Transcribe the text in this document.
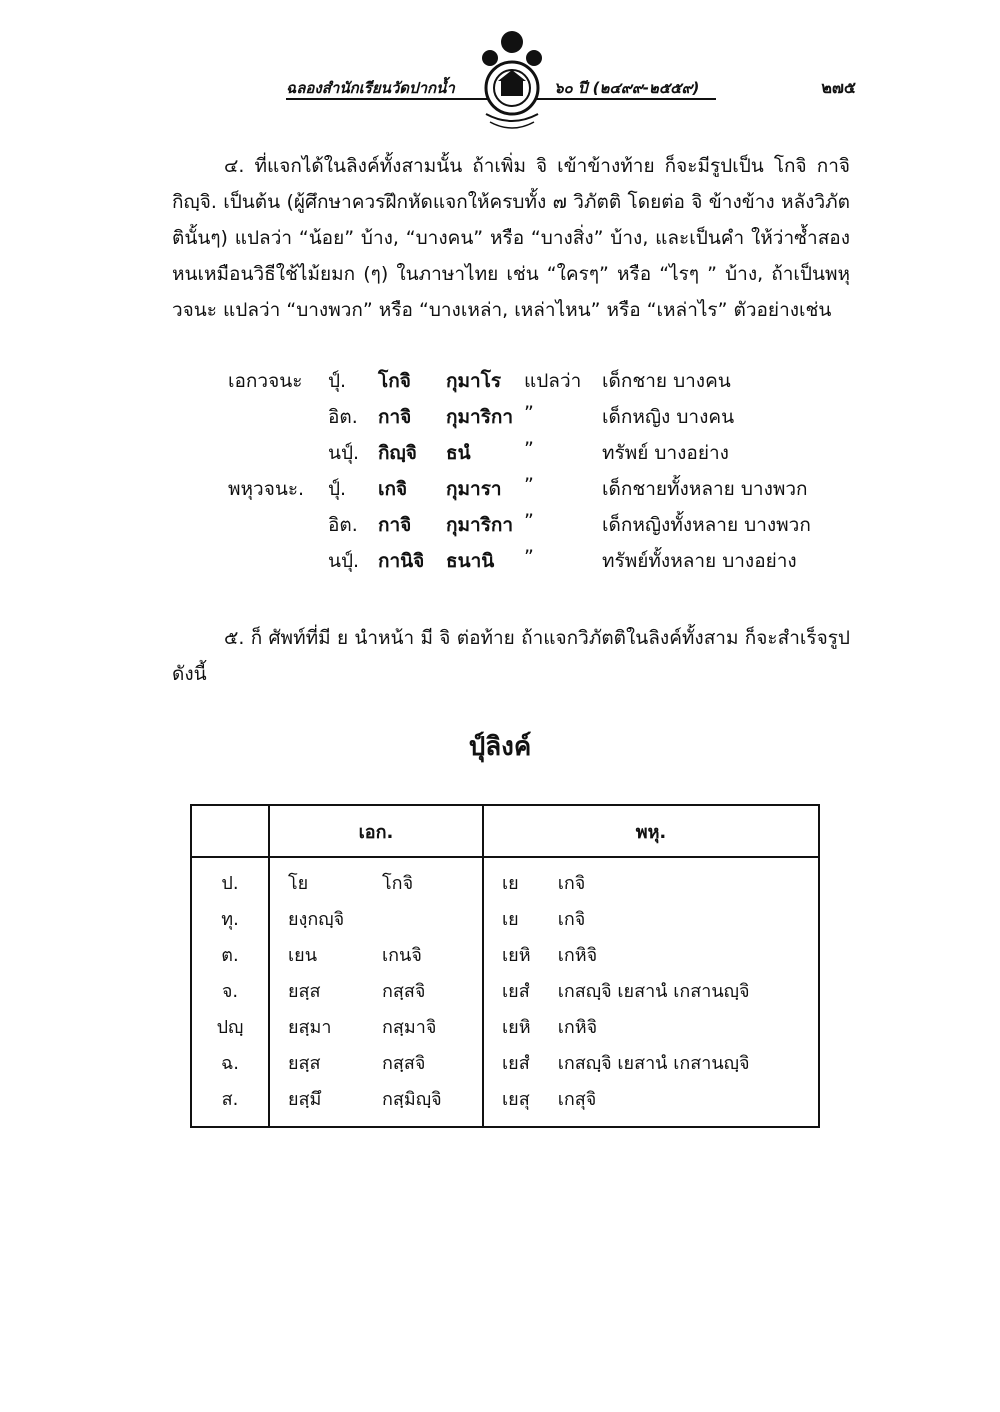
ฉลองสำนักเรียนวัดปากน้ำ	๖๐ ปี (๒๔๙๙-๒๕๕๙)	๒๗๕
๔. ที่แจกได้ในลิงค์ทั้งสามนั้น ถ้าเพิ่ม จิ เข้าข้างท้าย ก็จะมีรูปเป็น โกจิ กาจิ กิญฺจิ. เป็นต้น (ผู้ศึกษาควรฝึกหัดแจกให้ครบทั้ง ๗ วิภัตติ โดยต่อ จิ ข้างข้าง หลังวิภัตตินั้นๆ) แปลว่า “น้อย” บ้าง, “บางคน” หรือ “บางสิ่ง” บ้าง, และเป็นคำ ให้ว่าซ้ำสองหนเหมือนวิธีใช้ไม้ยมก (ๆ) ในภาษาไทย เช่น “ใครๆ” หรือ “ไรๆ ” บ้าง, ถ้าเป็นพหุวจนะ แปลว่า “บางพวก” หรือ “บางเหล่า, เหล่าไหน” หรือ “เหล่าไร” ตัวอย่างเช่น
เอกวจนะ ปุ์. โกจิ กุมาโร แปลว่า เด็กชาย บางคน
อิต. กาจิ กุมาริกา ”	เด็กหญิง บางคน
นปุ์. กิญฺจิ ธนํ	”	ทรัพย์ บางอย่าง
พหุวจนะ. ปุ์. เกจิ กุมารา ”	เด็กชายทั้งหลาย บางพวก
อิต. กาจิ กุมาริกา ”	เด็กหญิงทั้งหลาย บางพวก
นปุ์. กานิจิ ธนานิ ”	ทรัพย์ทั้งหลาย บางอย่าง
๕. ก็ ศัพท์ที่มี ย นำหน้า มี จิ ต่อท้าย ถ้าแจกวิภัตติในลิงค์ทั้งสาม ก็จะสำเร็จรูปดังนี้
ปุ์ลิงค์
	เอก.		พหุ.
ป.	โย	โกจิ	เย เกจิ
ทุ.	ยงฺกญฺจิ		เย เกจิ
ต.	เยน	เกนจิ	เยหิ เกหิจิ
จ.	ยสฺส	กสฺสจิ	เยสํ เกสญฺจิ เยสานํ เกสานญฺจิ
ปญฺ	ยสฺมา	กสฺมาจิ	เยหิ เกหิจิ
ฉ.	ยสฺส	กสฺสจิ	เยสํ เกสญฺจิ เยสานํ เกสานญฺจิ
ส.	ยสฺมึ	กสฺมิญฺจิ	เยสุ เกสุจิ
